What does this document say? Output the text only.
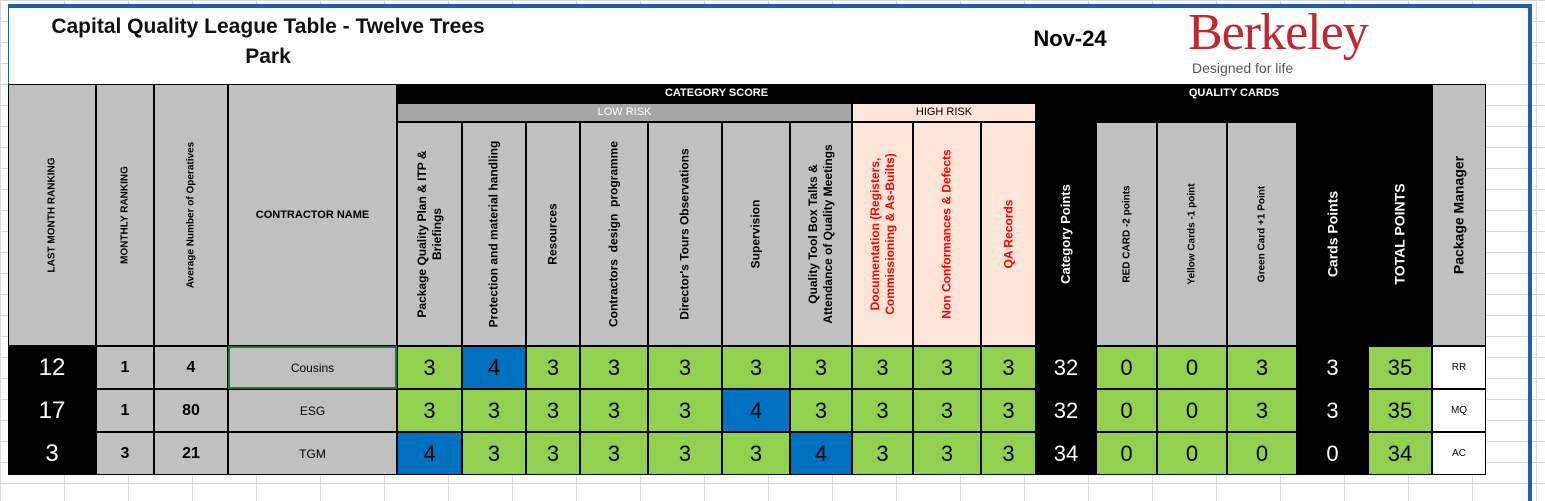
Capital Quality League Table - Twelve Trees
Park
Nov-24	Berkeley
Designed for life
LAST MONTH RANKING	MONTHLY RANKING	Average Number of Operatives	CONTRACTOR NAME
CATEGORY SCORE
LOW RISK	HIGH RISK
Package Quality Plan & ITP &
Briefings	Protection and material handling	Resources	Contractors  design  programme	Director's Tours Observations	Supervision
Quality Tool Box Talks &
Attendance of Quality Meetings
Documentation (Registers,
Commissioning & As-Builts)	Non Conformances & Defects	QA Records
QUALITY CARDS
Category Points	RED CARD -2 points	Yellow Cards -1 point	Green Card +1 Point	Cards Points	TOTAL POINTS	Package Manager
12	1	4	Cousins	3	4	3	3	3	3	3	3	3	3	32	0	0	3	3	35	RR
17	1	80	ESG	3	3	3	3	3	4	3	3	3	3	32	0	0	3	3	35	MQ
3	3	21	TGM	4	3	3	3	3	3	4	3	3	3	34	0	0	0	0	34	AC
